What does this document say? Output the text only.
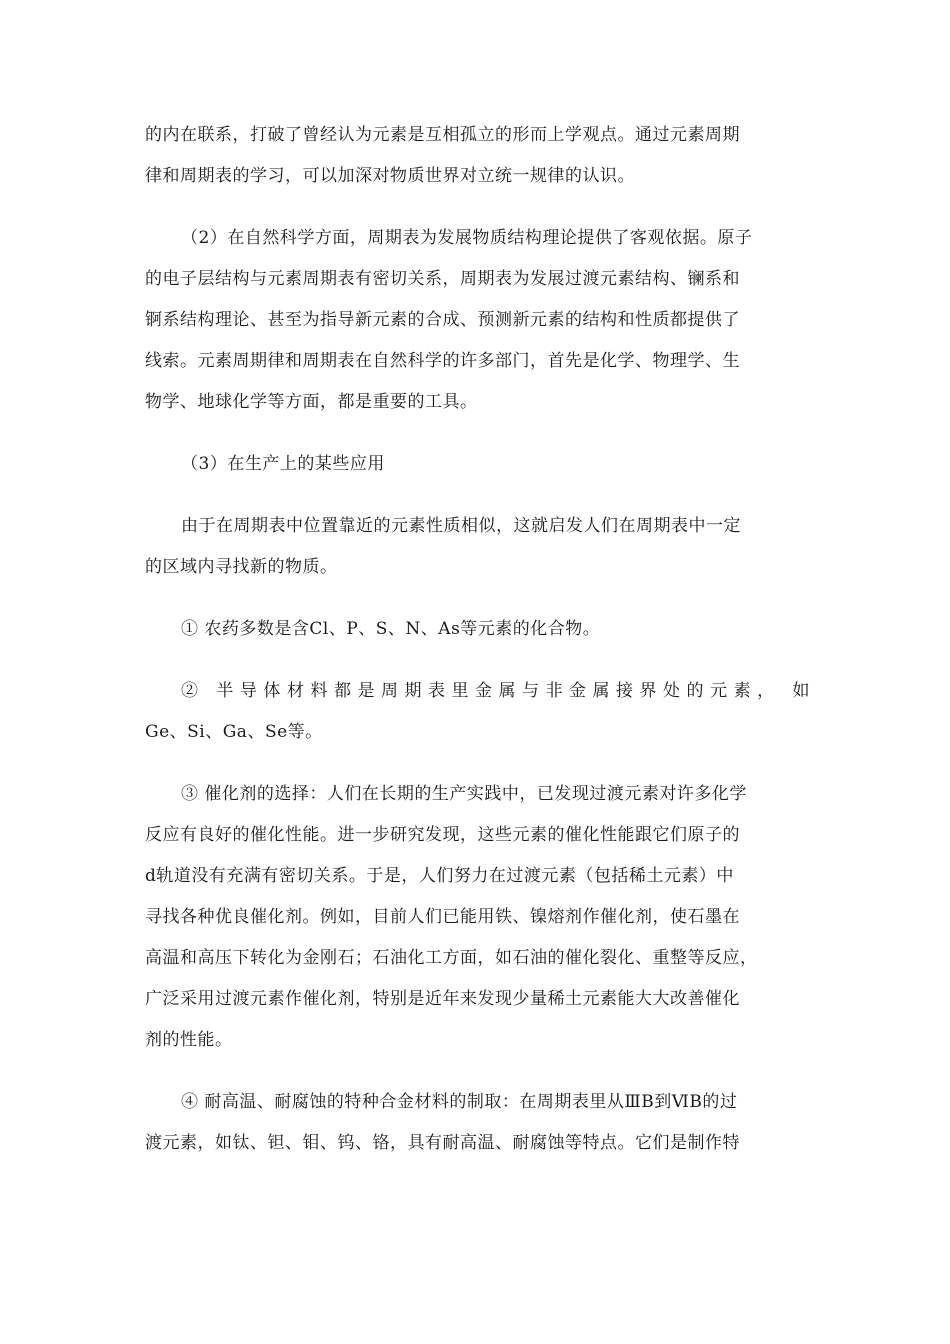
的内在联系，打破了曾经认为元素是互相孤立的形而上学观点。通过元素周期
律和周期表的学习，可以加深对物质世界对立统一规律的认识。

（2）在自然科学方面，周期表为发展物质结构理论提供了客观依据。原子
的电子层结构与元素周期表有密切关系，周期表为发展过渡元素结构、镧系和
锕系结构理论、甚至为指导新元素的合成、预测新元素的结构和性质都提供了
线索。元素周期律和周期表在自然科学的许多部门，首先是化学、物理学、生
物学、地球化学等方面，都是重要的工具。

（3）在生产上的某些应用

由于在周期表中位置靠近的元素性质相似，这就启发人们在周期表中一定
的区域内寻找新的物质。

① 农药多数是含Cl、P、S、N、As等元素的化合物。

② 半导体材料都是周期表里金属与非金属接界处的元素， 如
Ge、Si、Ga、Se等。

③ 催化剂的选择：人们在长期的生产实践中，已发现过渡元素对许多化学
反应有良好的催化性能。进一步研究发现，这些元素的催化性能跟它们原子的
d轨道没有充满有密切关系。于是，人们努力在过渡元素（包括稀土元素）中
寻找各种优良催化剂。例如，目前人们已能用铁、镍熔剂作催化剂，使石墨在
高温和高压下转化为金刚石；石油化工方面，如石油的催化裂化、重整等反应，
广泛采用过渡元素作催化剂，特别是近年来发现少量稀土元素能大大改善催化
剂的性能。

④ 耐高温、耐腐蚀的特种合金材料的制取：在周期表里从ⅢB到ⅥB的过
渡元素，如钛、钽、钼、钨、铬，具有耐高温、耐腐蚀等特点。它们是制作特
